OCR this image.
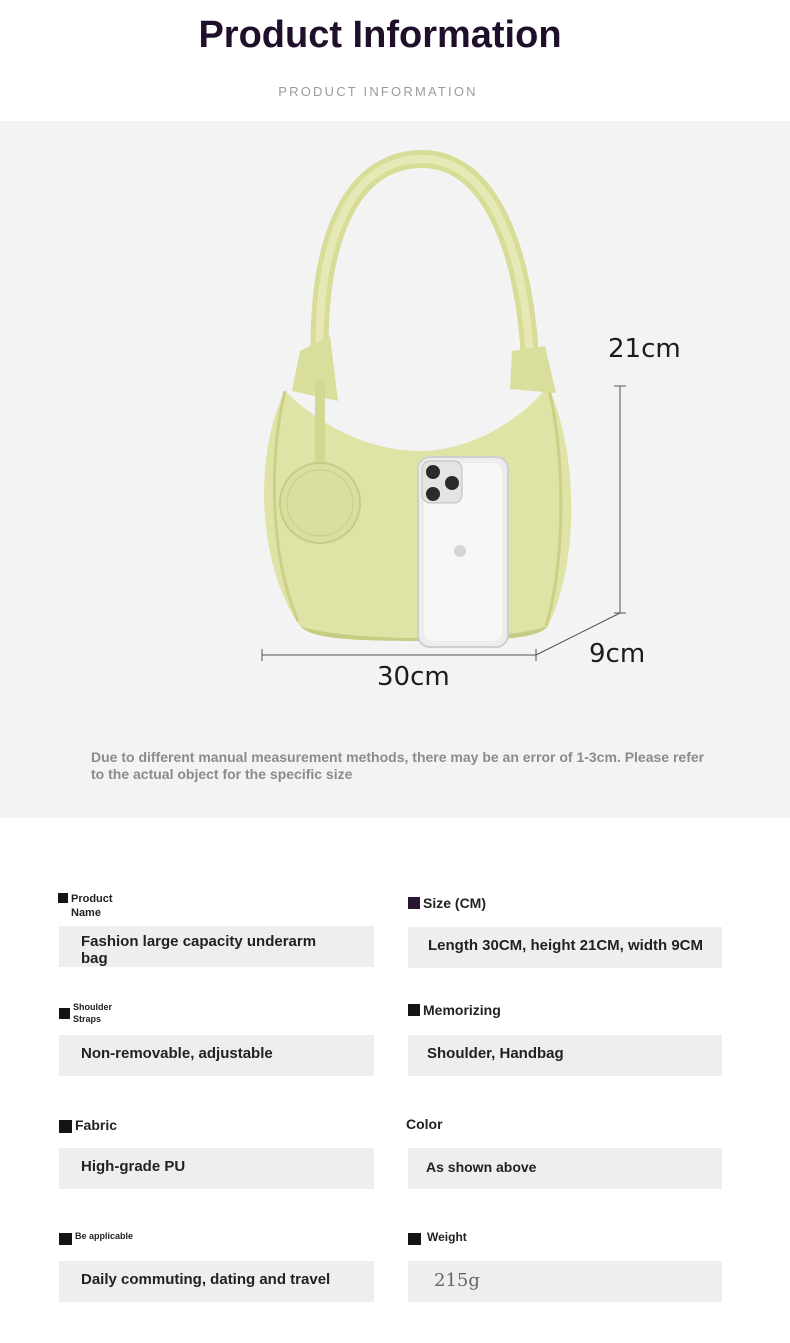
Product Information
PRODUCT INFORMATION
21cm
30cm
9cm
Due to different manual measurement methods, there may be an error of 1-3cm. Please refer to the actual object for the specific size
Product Name
Fashion large capacity underarm bag
Shoulder Straps
Non-removable, adjustable
Fabric
High-grade PU
Be applicable
Daily commuting, dating and travel
Size (CM)
Length 30CM, height 21CM, width 9CM
Memorizing
Shoulder, Handbag
Color
As shown above
Weight
215g
